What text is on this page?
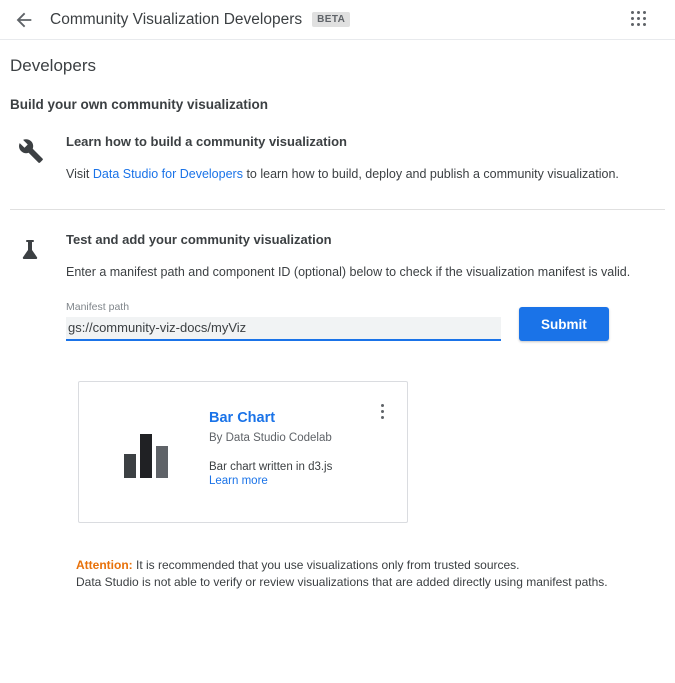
Community Visualization Developers	BETA
Developers
Build your own community visualization
Learn how to build a community visualization
Visit Data Studio for Developers to learn how to build, deploy and publish a community visualization.
Test and add your community visualization
Enter a manifest path and component ID (optional) below to check if the visualization manifest is valid.
Manifest path
gs://community-viz-docs/myViz
Submit
Bar Chart
By Data Studio Codelab
Bar chart written in d3.js
Learn more
Attention: It is recommended that you use visualizations only from trusted sources.
Data Studio is not able to verify or review visualizations that are added directly using manifest paths.
